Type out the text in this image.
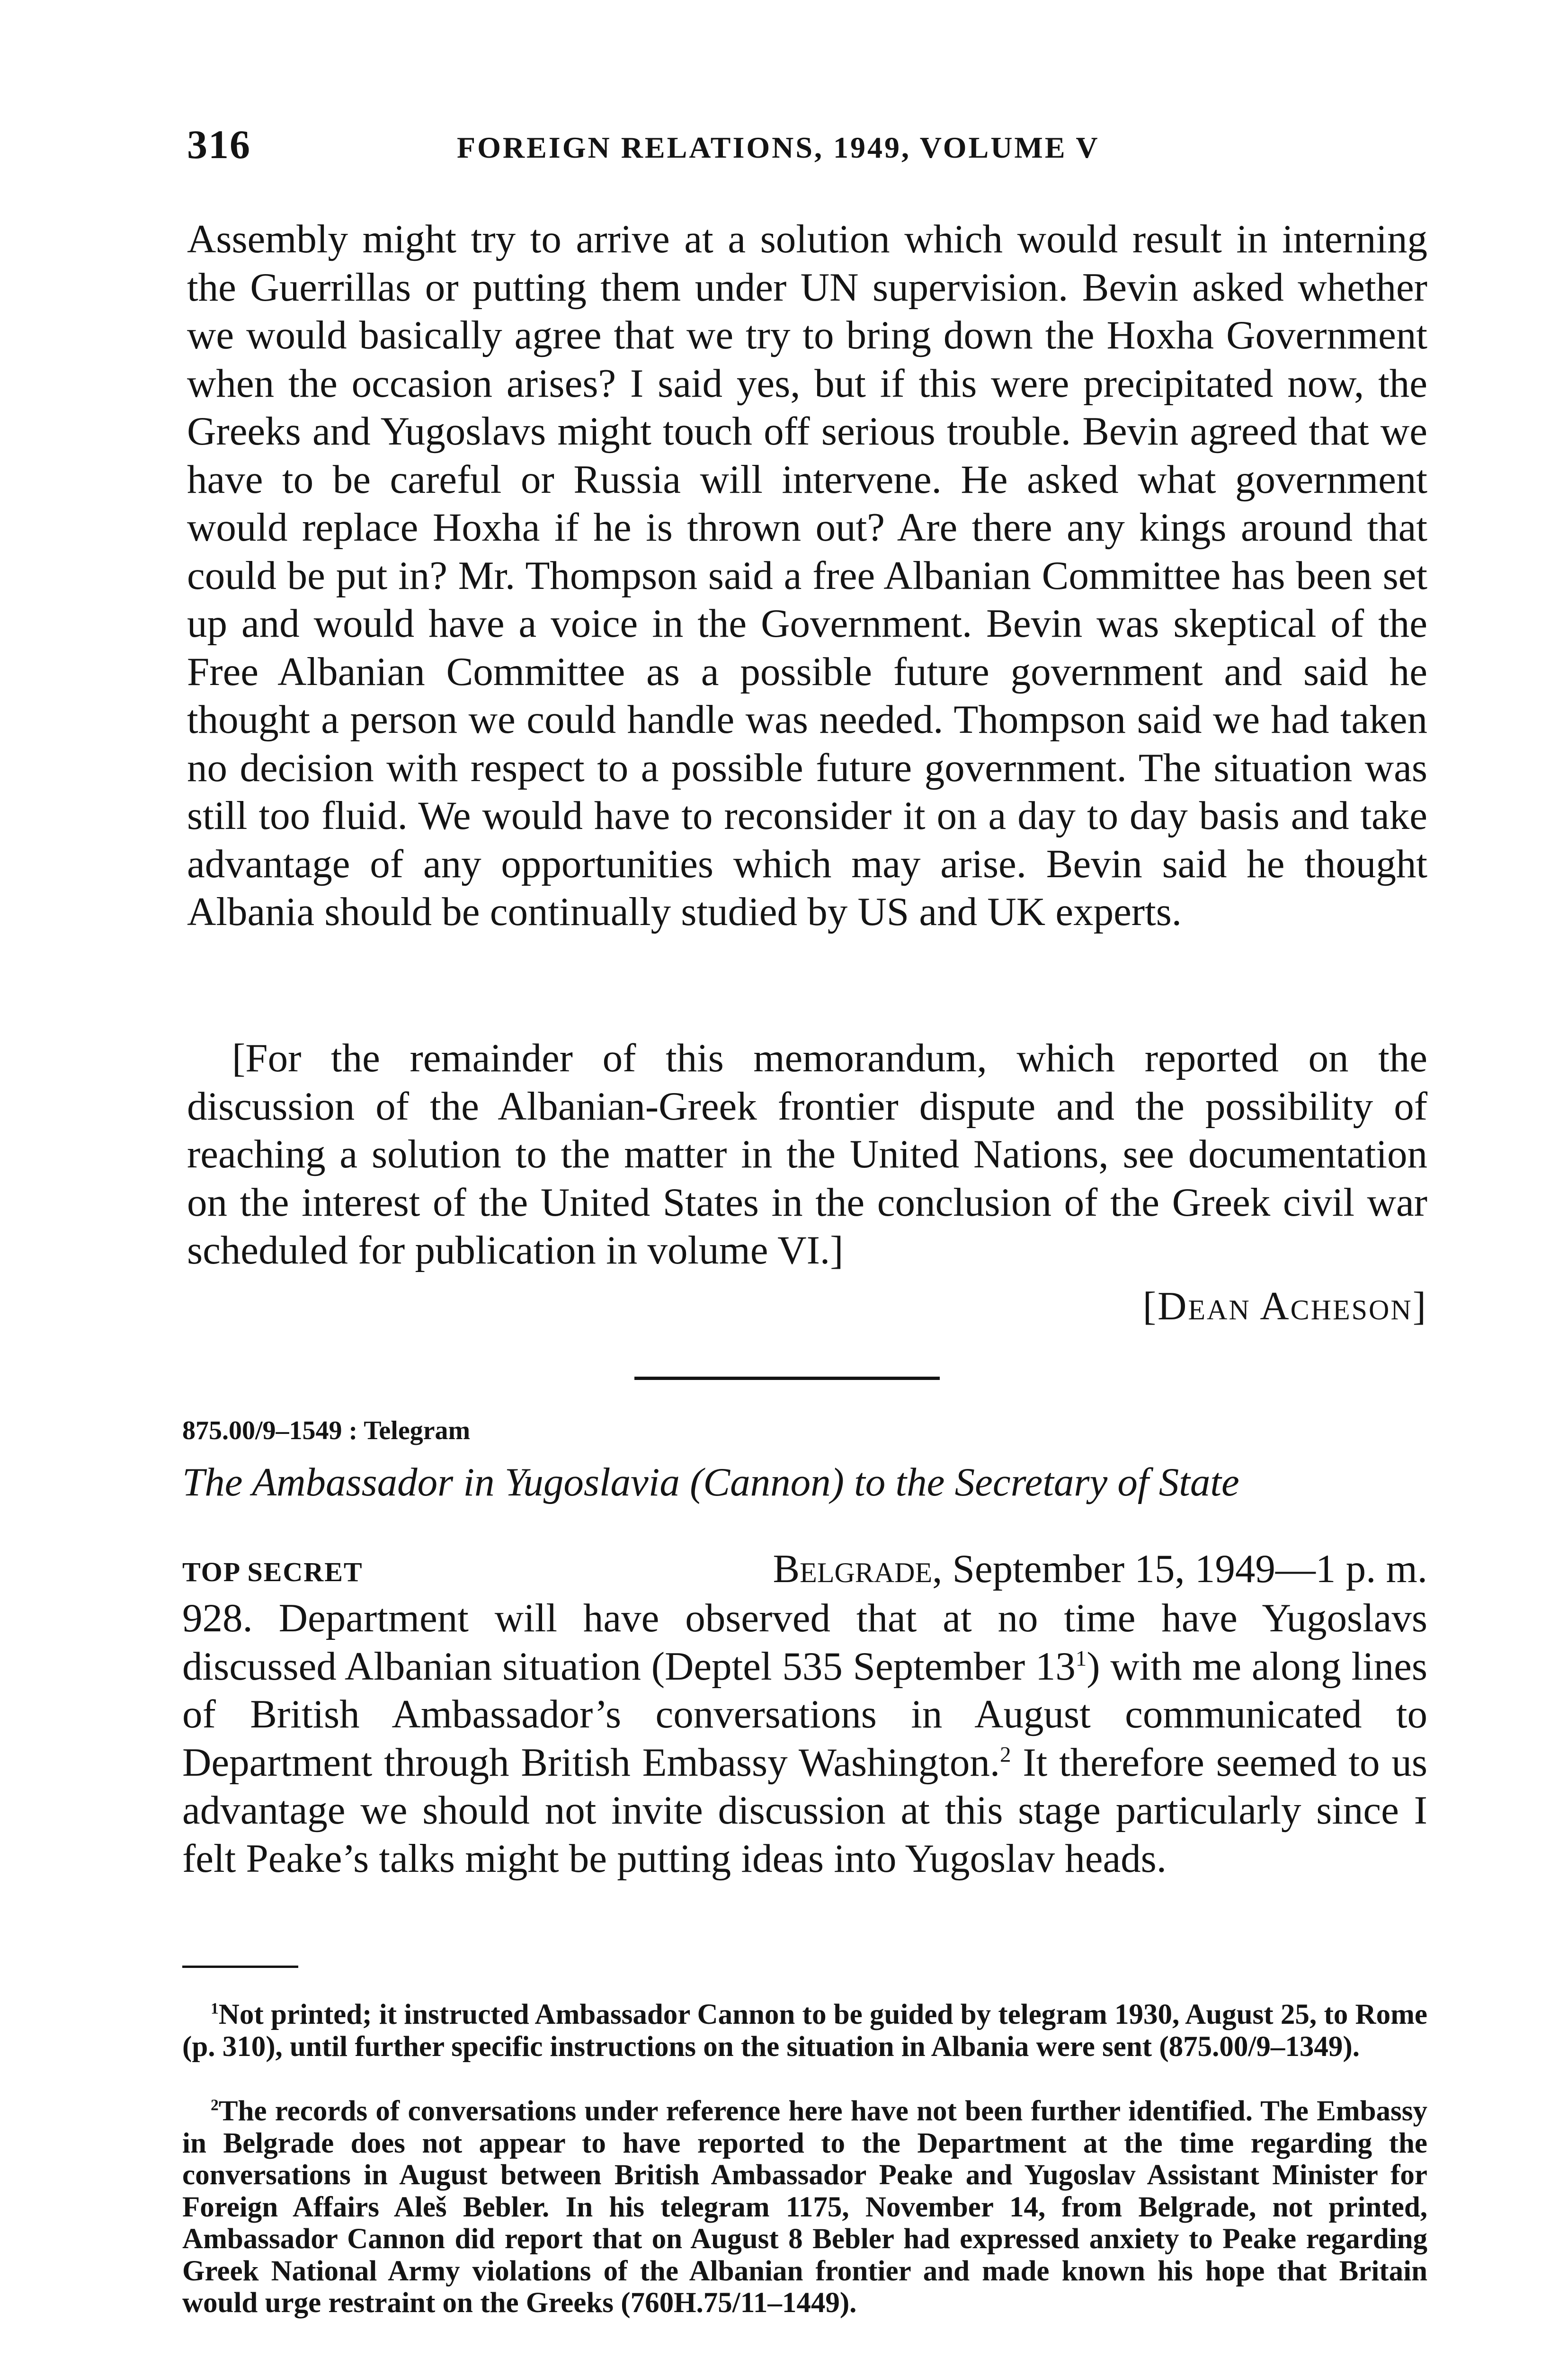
316	FOREIGN RELATIONS, 1949, VOLUME V

Assembly might try to arrive at a solution which would result in interning the Guerrillas or putting them under UN supervision. Bevin asked whether we would basically agree that we try to bring down the Hoxha Government when the occasion arises? I said yes, but if this were precipitated now, the Greeks and Yugoslavs might touch off serious trouble. Bevin agreed that we have to be careful or Russia will intervene. He asked what government would replace Hoxha if he is thrown out? Are there any kings around that could be put in? Mr. Thompson said a free Albanian Committee has been set up and would have a voice in the Government. Bevin was skeptical of the Free Albanian Committee as a possible future government and said he thought a person we could handle was needed. Thompson said we had taken no decision with respect to a possible future government. The situation was still too fluid. We would have to reconsider it on a day to day basis and take advantage of any opportunities which may arise. Bevin said he thought Albania should be continually studied by US and UK experts.

[For the remainder of this memorandum, which reported on the discussion of the Albanian-Greek frontier dispute and the possibility of reaching a solution to the matter in the United Nations, see documentation on the interest of the United States in the conclusion of the Greek civil war scheduled for publication in volume VI.]

[Dean Acheson]
875.00/9–1549 : Telegram
The Ambassador in Yugoslavia (Cannon) to the Secretary of State
TOP SECRET	Belgrade, September 15, 1949—1 p. m.

928. Department will have observed that at no time have Yugoslavs discussed Albanian situation (Deptel 535 September $13^1$) with me along lines of British Ambassador’s conversations in August communicated to Department through British Embassy Washington.$^2$ It therefore seemed to us advantage we should not invite discussion at this stage particularly since I felt Peake’s talks might be putting ideas into Yugoslav heads.

$^1$Not printed; it instructed Ambassador Cannon to be guided by telegram 1930, August 25, to Rome (p. 310), until further specific instructions on the situation in Albania were sent (875.00/9–1349).

$^2$The records of conversations under reference here have not been further identified. The Embassy in Belgrade does not appear to have reported to the Department at the time regarding the conversations in August between British Ambassador Peake and Yugoslav Assistant Minister for Foreign Affairs Aleš Bebler. In his telegram 1175, November 14, from Belgrade, not printed, Ambassador Cannon did report that on August 8 Bebler had expressed anxiety to Peake regarding Greek National Army violations of the Albanian frontier and made known his hope that Britain would urge restraint on the Greeks (760H.75/11–1449).
